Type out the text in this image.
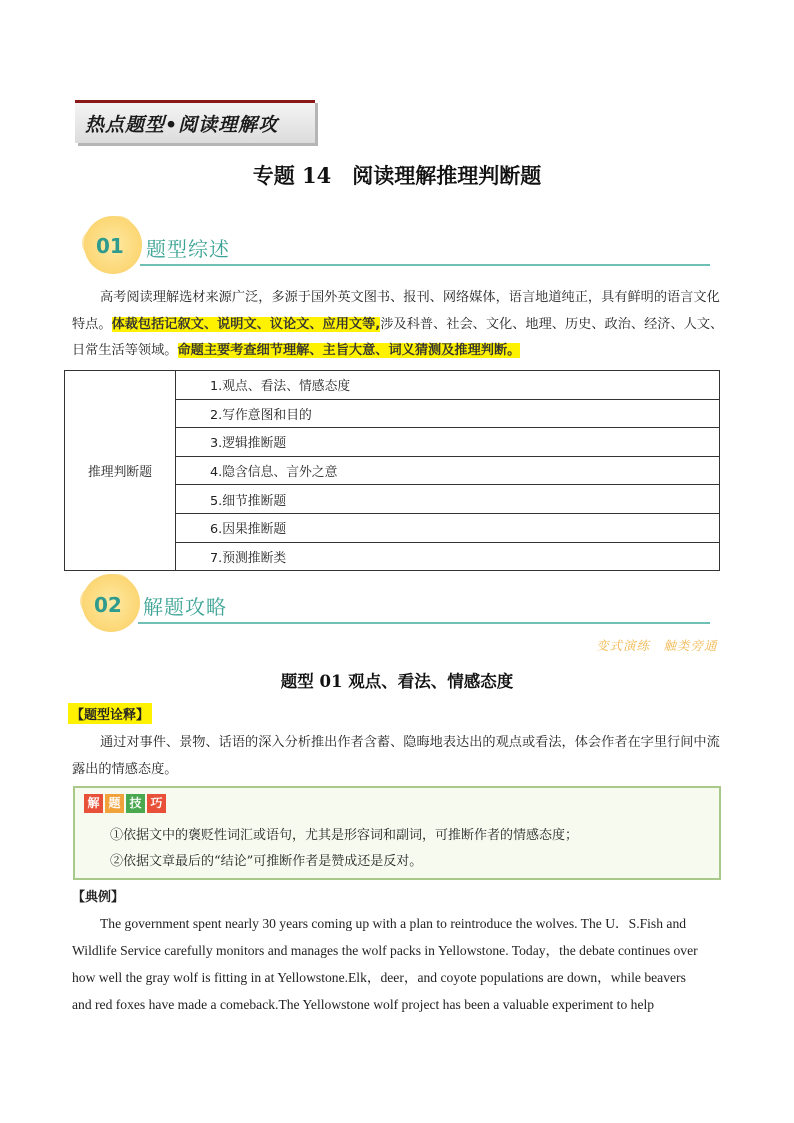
热点题型•阅读理解攻
专题 14　阅读理解推理判断题
01 题型综述
高考阅读理解选材来源广泛，多源于国外英文图书、报刊、网络媒体，语言地道纯正，具有鲜明的语言文化特点。体裁包括记叙文、说明文、议论文、应用文等,涉及科普、社会、文化、地理、历史、政治、经济、人文、日常生活等领域。命题主要考查细节理解、主旨大意、词义猜测及推理判断。
推理判断题	1.观点、看法、情感态度
2.写作意图和目的
3.逻辑推断题
4.隐含信息、言外之意
5.细节推断题
6.因果推断题
7.预测推断类
02 解题攻略
变式演练　触类旁通
题型 01 观点、看法、情感态度
【题型诠释】
通过对事件、景物、话语的深入分析推出作者含蓄、隐晦地表达出的观点或看法，体会作者在字里行间中流露出的情感态度。
解 题 技 巧
①依据文中的褒贬性词汇或语句，尤其是形容词和副词，可推断作者的情感态度；
②依据文章最后的“结论”可推断作者是赞成还是反对。
【典例】
The government spent nearly 30 years coming up with a plan to reintroduce the wolves. The U．S.Fish and
Wildlife Service carefully monitors and manages the wolf packs in Yellowstone. Today，the debate continues over
how well the gray wolf is fitting in at Yellowstone.Elk，deer，and coyote populations are down，while beavers
and red foxes have made a comeback.The Yellowstone wolf project has been a valuable experiment to help
